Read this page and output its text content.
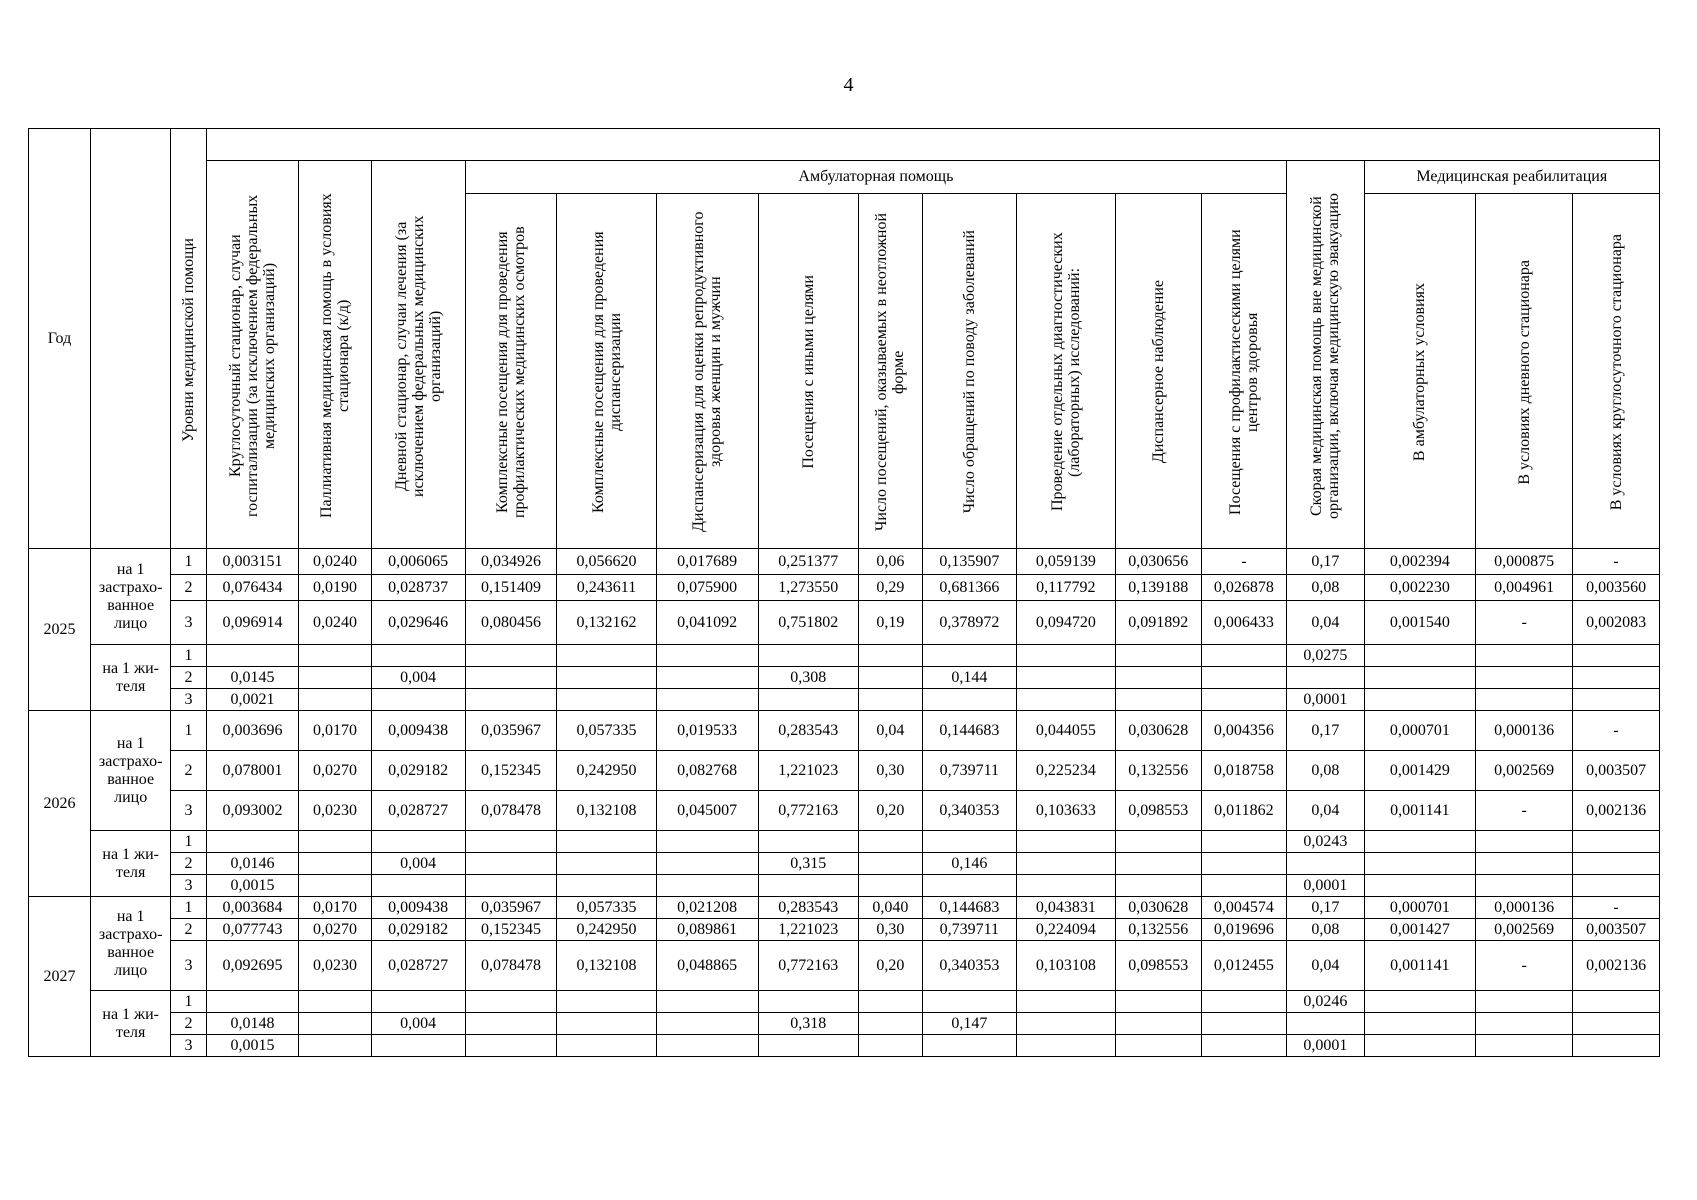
4
Год		Уровни медицинской помощи																

			Круглосуточный стационар, случаи госпитализации (за исключением федеральных медицинских организаций)	Паллиативная медицинская помощь в условиях стационара (к/д)	Дневной стационар, случаи лечения (за исключением федеральных медицинских организаций)	Амбулаторная помощь									Скорая медицинская помощь вне медицинской организации, включая медицинскую эвакуацию	Медицинская реабилитация		

						Комплексные посещения для проведения профилактических медицинских осмотров	Комплексные посещения для проведения диспансеризации	Диспансеризация для оценки репродуктивного здоровья женщин и мужчин	Посещения с иными целями	Число посещений, оказываемых в неотложной форме	Число обращений по поводу заболеваний	Проведение отдельных диагностических (лабораторных) исследований:	Диспансерное наблюдение	Посещения с профилактисескими целями центров здоровья		В амбулаторных условиях	В условиях дневного стационара	В условиях круглосуточного стационара

2025	на 1 застрахо-ванное лицо	1	0,003151	0,0240	0,006065	0,034926	0,056620	0,017689	0,251377	0,06	0,135907	0,059139	0,030656	-	0,17	0,002394	0,000875	-
		2	0,076434	0,0190	0,028737	0,151409	0,243611	0,075900	1,273550	0,29	0,681366	0,117792	0,139188	0,026878	0,08	0,002230	0,004961	0,003560
		3	0,096914	0,0240	0,029646	0,080456	0,132162	0,041092	0,751802	0,19	0,378972	0,094720	0,091892	0,006433	0,04	0,001540	-	0,002083
	на 1 жи-теля	1													0,0275			
		2	0,0145		0,004				0,308		0,144							
		3	0,0021												0,0001			
2026	на 1 застрахо-ванное лицо	1	0,003696	0,0170	0,009438	0,035967	0,057335	0,019533	0,283543	0,04	0,144683	0,044055	0,030628	0,004356	0,17	0,000701	0,000136	-
		2	0,078001	0,0270	0,029182	0,152345	0,242950	0,082768	1,221023	0,30	0,739711	0,225234	0,132556	0,018758	0,08	0,001429	0,002569	0,003507
		3	0,093002	0,0230	0,028727	0,078478	0,132108	0,045007	0,772163	0,20	0,340353	0,103633	0,098553	0,011862	0,04	0,001141	-	0,002136
	на 1 жи-теля	1													0,0243			
		2	0,0146		0,004				0,315		0,146							
		3	0,0015												0,0001			
2027	на 1 застрахо-ванное лицо	1	0,003684	0,0170	0,009438	0,035967	0,057335	0,021208	0,283543	0,040	0,144683	0,043831	0,030628	0,004574	0,17	0,000701	0,000136	-
		2	0,077743	0,0270	0,029182	0,152345	0,242950	0,089861	1,221023	0,30	0,739711	0,224094	0,132556	0,019696	0,08	0,001427	0,002569	0,003507
		3	0,092695	0,0230	0,028727	0,078478	0,132108	0,048865	0,772163	0,20	0,340353	0,103108	0,098553	0,012455	0,04	0,001141	-	0,002136
	на 1 жи-теля	1													0,0246			
		2	0,0148		0,004				0,318		0,147							
		3	0,0015												0,0001			
